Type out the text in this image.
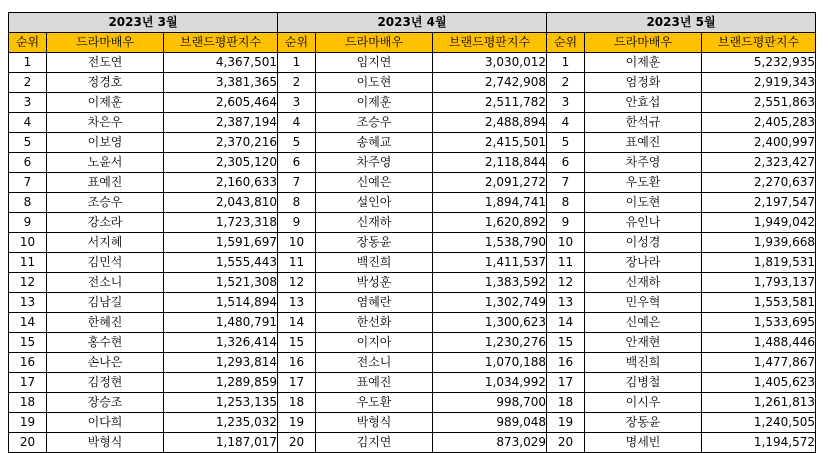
2023년 3월		
순위	드라마배우	브랜드평판지수
1	전도연	4,367,501
2	정경호	3,381,365
3	이제훈	2,605,464
4	차은우	2,387,194
5	이보영	2,370,216
6	노윤서	2,305,120
7	표예진	2,160,633
8	조승우	2,043,810
9	강소라	1,723,318
10	서지혜	1,591,697
11	김민석	1,555,443
12	전소니	1,521,308
13	김남길	1,514,894
14	한혜진	1,480,791
15	홍수현	1,326,414
16	손나은	1,293,814
17	김정현	1,289,859
18	장승조	1,253,135
19	이다희	1,235,032
20	박형식	1,187,017
2023년 4월		
순위	드라마배우	브랜드평판지수
1	임지연	3,030,012
2	이도현	2,742,908
3	이제훈	2,511,782
4	조승우	2,488,894
5	송혜교	2,415,501
6	차주영	2,118,844
7	신예은	2,091,272
8	설인아	1,894,741
9	신재하	1,620,892
10	장동윤	1,538,790
11	백진희	1,411,537
12	박성훈	1,383,592
13	염혜란	1,302,749
14	한선화	1,300,623
15	이지아	1,230,276
16	전소니	1,070,188
17	표예진	1,034,992
18	우도환	998,700
19	박형식	989,048
20	김지연	873,029
2023년 5월		
순위	드라마배우	브랜드평판지수
1	이제훈	5,232,935
2	엄정화	2,919,343
3	안효섭	2,551,863
4	한석규	2,405,283
5	표예진	2,400,997
6	차주영	2,323,427
7	우도환	2,270,637
8	이도현	2,197,547
9	유인나	1,949,042
10	이성경	1,939,668
11	장나라	1,819,531
12	신재하	1,793,137
13	민우혁	1,553,581
14	신예은	1,533,695
15	안재현	1,488,446
16	백진희	1,477,867
17	김병철	1,405,623
18	이시우	1,261,813
19	장동윤	1,240,505
20	명세빈	1,194,572
